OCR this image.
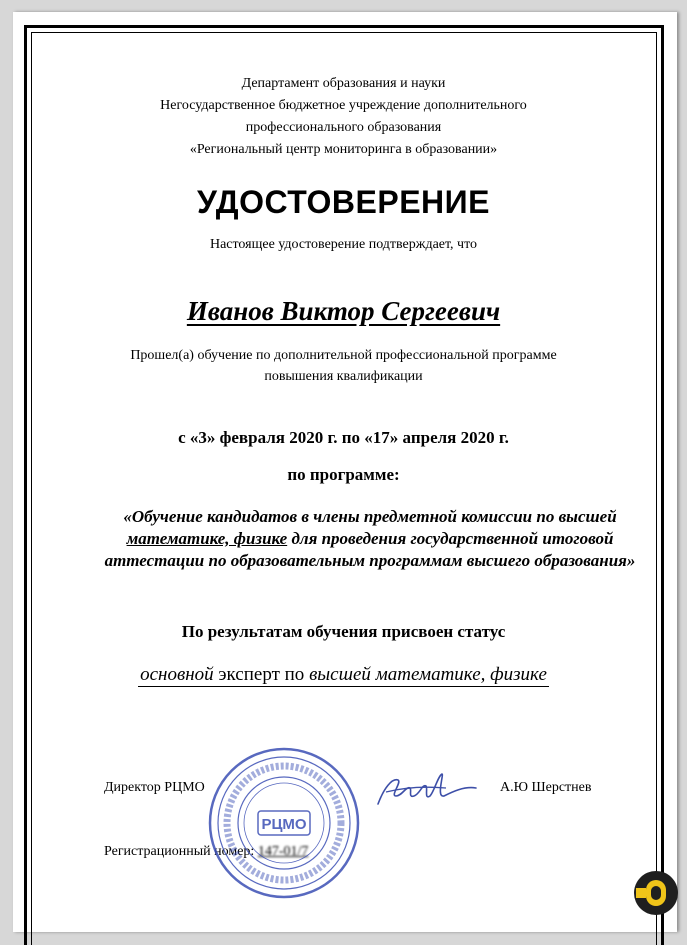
Департамент образования и науки
Негосударственное бюджетное учреждение дополнительного
профессионального образования
«Региональный центр мониторинга в образовании»
УДОСТОВЕРЕНИЕ
Настоящее удостоверение подтверждает, что
Иванов Виктор Сергеевич
Прошел(а) обучение по дополнительной профессиональной программе
повышения квалификации
с «3» февраля 2020 г. по «17» апреля 2020 г.
по программе:
«Обучение кандидатов в члены предметной комиссии по высшей математике, физике для проведения государственной итоговой аттестации по образовательным программам высшего образования»
По результатам обучения присвоен статус
основной эксперт по высшей математике, физике
Директор РЦМО	А.Ю Шерстнев
Регистрационный номер: 147-01/7
РЦМО
